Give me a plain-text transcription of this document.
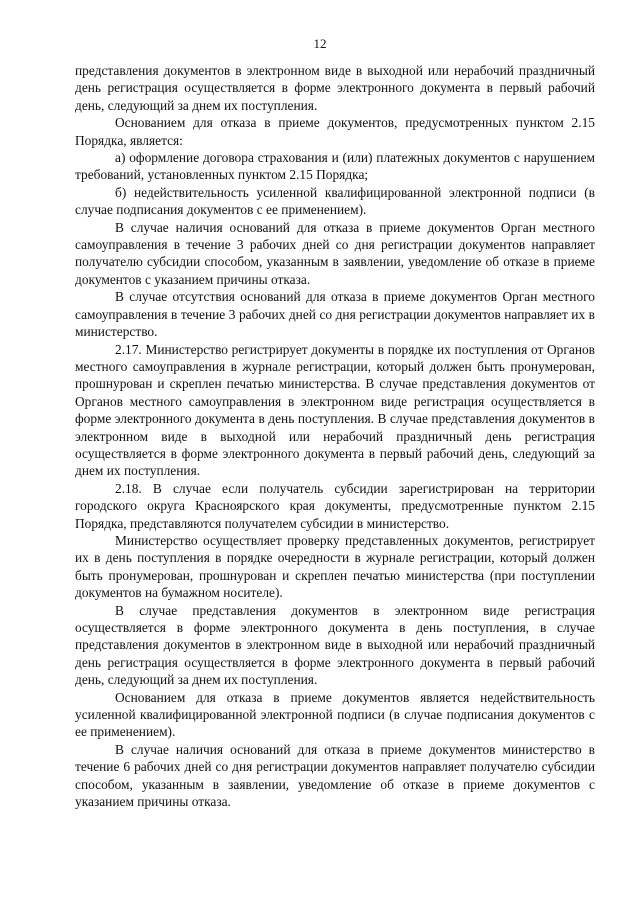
12

представления документов в электронном виде в выходной или нерабочий праздничный день регистрация осуществляется в форме электронного документа в первый рабочий день, следующий за днем их поступления.

Основанием для отказа в приеме документов, предусмотренных пунктом 2.15 Порядка, является:

а) оформление договора страхования и (или) платежных документов с нарушением требований, установленных пунктом 2.15 Порядка;

б) недействительность усиленной квалифицированной электронной подписи (в случае подписания документов с ее применением).

В случае наличия оснований для отказа в приеме документов Орган местного самоуправления в течение 3 рабочих дней со дня регистрации документов направляет получателю субсидии способом, указанным в заявлении, уведомление об отказе в приеме документов с указанием причины отказа.

В случае отсутствия оснований для отказа в приеме документов Орган местного самоуправления в течение 3 рабочих дней со дня регистрации документов направляет их в министерство.

2.17. Министерство регистрирует документы в порядке их поступления от Органов местного самоуправления в журнале регистрации, который должен быть пронумерован, прошнурован и скреплен печатью министерства. В случае представления документов от Органов местного самоуправления в электронном виде регистрация осуществляется в форме электронного документа в день поступления. В случае представления документов в электронном виде в выходной или нерабочий праздничный день регистрация осуществляется в форме электронного документа в первый рабочий день, следующий за днем их поступления.

2.18. В случае если получатель субсидии зарегистрирован на территории городского округа Красноярского края документы, предусмотренные пунктом 2.15 Порядка, представляются получателем субсидии в министерство.

Министерство осуществляет проверку представленных документов, регистрирует их в день поступления в порядке очередности в журнале регистрации, который должен быть пронумерован, прошнурован и скреплен печатью министерства (при поступлении документов на бумажном носителе).

В случае представления документов в электронном виде регистрация осуществляется в форме электронного документа в день поступления, в случае представления документов в электронном виде в выходной или нерабочий праздничный день регистрация осуществляется в форме электронного документа в первый рабочий день, следующий за днем их поступления.

Основанием для отказа в приеме документов является недействительность усиленной квалифицированной электронной подписи (в случае подписания документов с ее применением).

В случае наличия оснований для отказа в приеме документов министерство в течение 6 рабочих дней со дня регистрации документов направляет получателю субсидии способом, указанным в заявлении, уведомление об отказе в приеме документов с указанием причины отказа.
